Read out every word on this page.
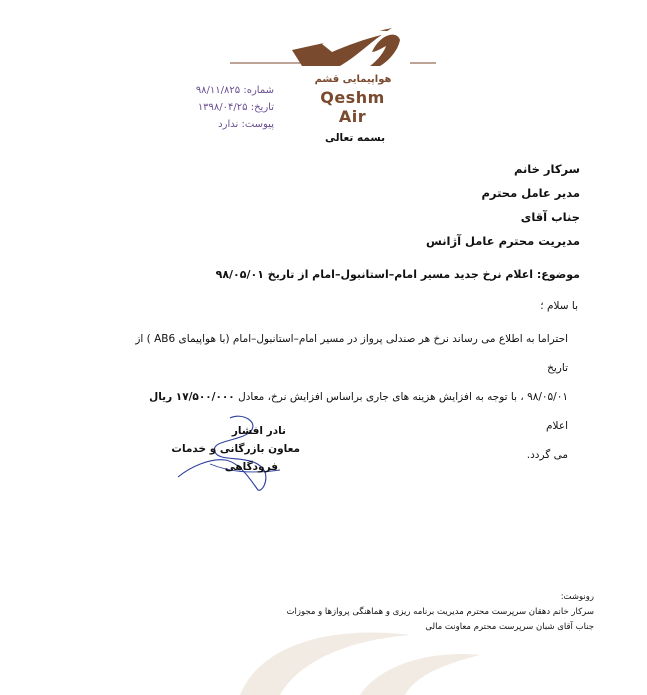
هواپیمایی قشم
Qeshm Air
شماره: ۹۸/۱۱/۸۲۵
تاریخ: ۱۳۹۸/۰۴/۲۵
پیوست: ندارد
بسمه تعالی
سرکار خانم
مدیر عامل محترم
جناب آقای
مدیریت محترم عامل آژانس
موضوع: اعلام نرخ جدید مسیر امام–استانبول–امام از تاریخ ۹۸/۰۵/۰۱
با سلام ؛
احتراما به اطلاع می رساند نرخ هر صندلی پرواز در مسیر امام–استانبول–امام (با هواپیمای AB6 ) از تاریخ
۹۸/۰۵/۰۱ ، با توجه به افزایش هزینه های جاری براساس افزایش نرخ، معادل ۱۷/۵۰۰/۰۰۰ ریال اعلام
می گردد.
نادر افشار
معاون بازرگانی و خدمات
فرودگاهی
رونوشت:
سرکار خانم دهقان سرپرست محترم مدیریت برنامه ریزی و هماهنگی پروازها و مجوزات
جناب آقای شبان سرپرست محترم معاونت مالی
